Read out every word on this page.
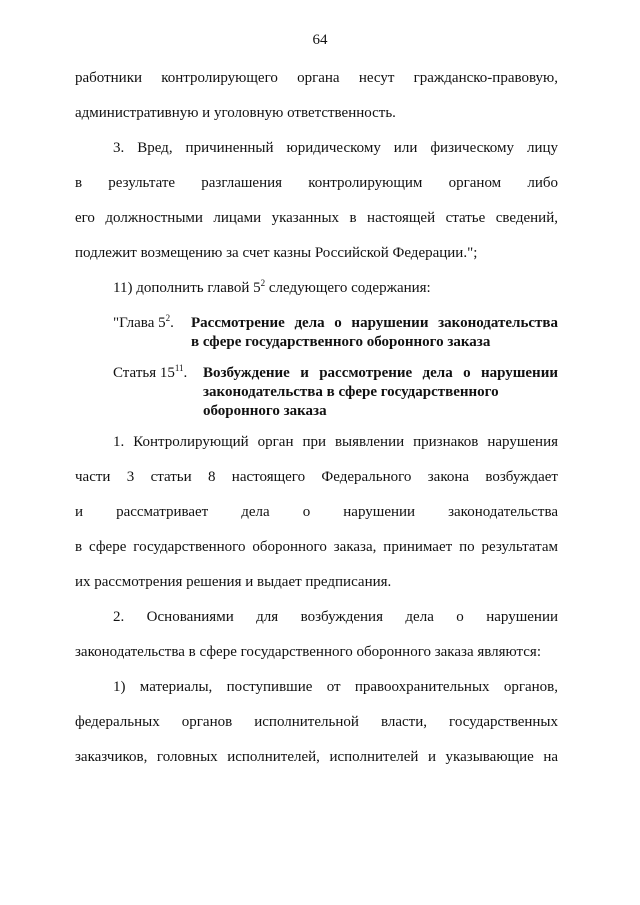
64
работники контролирующего органа несут гражданско-правовую,
административную и уголовную ответственность.
3. Вред, причиненный юридическому или физическому лицу
в результате разглашения контролирующим органом либо
его должностными лицами указанных в настоящей статье сведений,
подлежит возмещению за счет казны Российской Федерации.";
11) дополнить главой $5^2$ следующего содержания:
"Глава $5^2$.	Рассмотрение дела о нарушении законодательства
в сфере государственного оборонного заказа
Статья $15^{11}$.	Возбуждение и рассмотрение дела о нарушении
законодательства в сфере государственного
оборонного заказа
1. Контролирующий орган при выявлении признаков нарушения
части 3 статьи 8 настоящего Федерального закона возбуждает
и рассматривает дела о нарушении законодательства
в сфере государственного оборонного заказа, принимает по результатам
их рассмотрения решения и выдает предписания.
2. Основаниями для возбуждения дела о нарушении
законодательства в сфере государственного оборонного заказа являются:
1) материалы, поступившие от правоохранительных органов,
федеральных органов исполнительной власти, государственных
заказчиков, головных исполнителей, исполнителей и указывающие на
